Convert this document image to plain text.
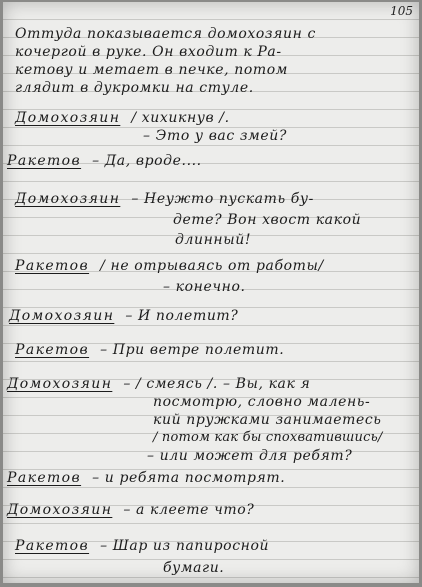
105
Оттуда показывается домохозяин с
кочергой в руке. Он входит к Ра-
кетову и метает в печке, потом
глядит в дукромки на стуле.
Домохозяин / хихикнув /.
– Это у вас змей?
Ракетов – Да, вроде....
Домохозяин – Неужто пускать бу-
дете? Вон хвост какой
длинный!
Ракетов / не отрываясь от работы/
– конечно.
Домохозяин – И полетит?
Ракетов – При ветре полетит.
Домохозяин – / смеясь /. – Вы, как я
посмотрю, словно малень-
кий пружками занимаетесь
/ потом как бы спохватившись/
– или может для ребят?
Ракетов – и ребята посмотрят.
Домохозяин – а клеете что?
Ракетов – Шар из папиросной
бумаги.
